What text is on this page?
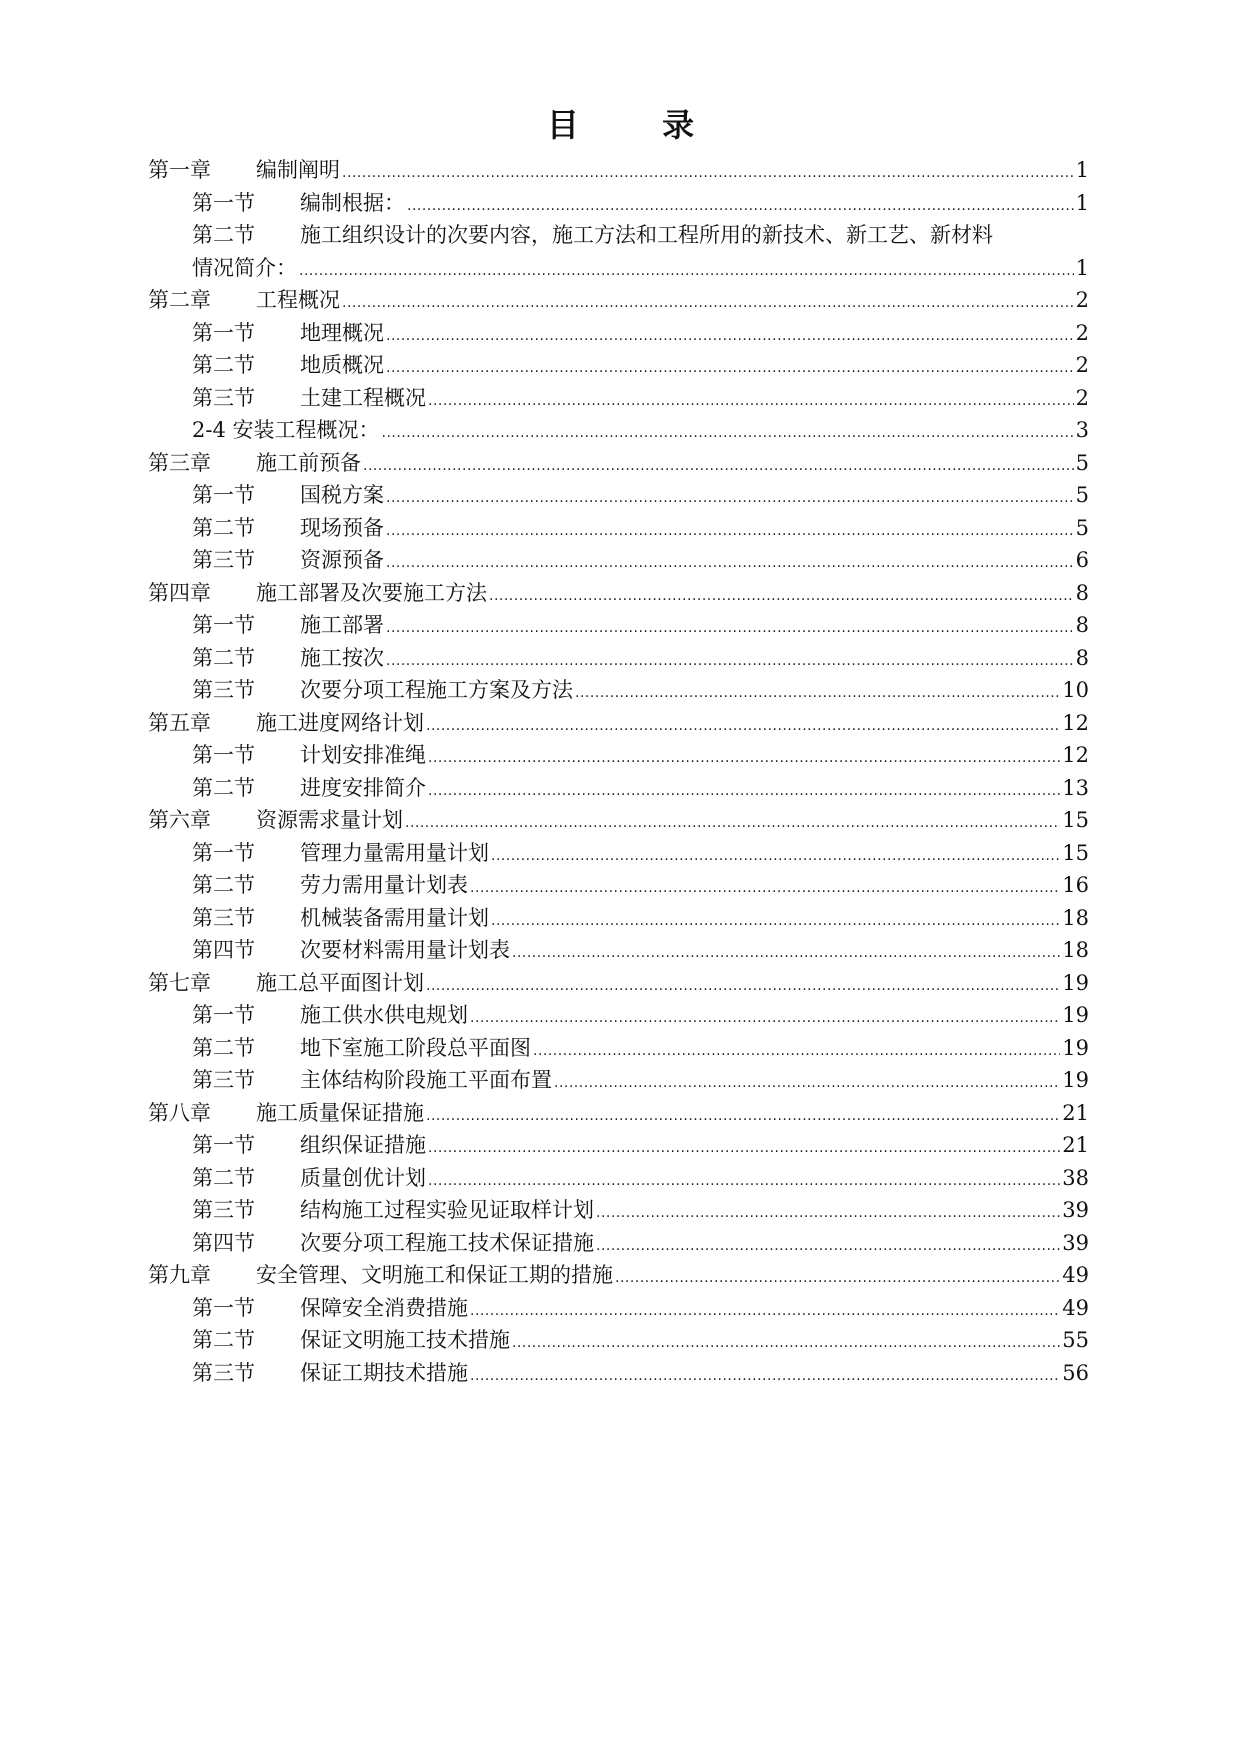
目 录
第一章	编制阐明 .....	1
第一节	编制根据： .....	1
第二节	施工组织设计的次要内容，施工方法和工程所用的新技术、新工艺、新材料
情况简介： .....	1
第二章	工程概况 .....	2
第一节	地理概况 .....	2
第二节	地质概况 .....	2
第三节	土建工程概况 .....	2
2-4 安装工程概况： .....	3
第三章	施工前预备 .....	5
第一节	国税方案 .....	5
第二节	现场预备 .....	5
第三节	资源预备 .....	6
第四章	施工部署及次要施工方法 .....	8
第一节	施工部署 .....	8
第二节	施工按次 .....	8
第三节	次要分项工程施工方案及方法 .....	10
第五章	施工进度网络计划 .....	12
第一节	计划安排准绳 .....	12
第二节	进度安排简介 .....	13
第六章	资源需求量计划 .....	15
第一节	管理力量需用量计划 .....	15
第二节	劳力需用量计划表 .....	16
第三节	机械装备需用量计划 .....	18
第四节	次要材料需用量计划表 .....	18
第七章	施工总平面图计划 .....	19
第一节	施工供水供电规划 .....	19
第二节	地下室施工阶段总平面图 .....	19
第三节	主体结构阶段施工平面布置 .....	19
第八章	施工质量保证措施 .....	21
第一节	组织保证措施 .....	21
第二节	质量创优计划 .....	38
第三节	结构施工过程实验见证取样计划 .....	39
第四节	次要分项工程施工技术保证措施 .....	39
第九章	安全管理、文明施工和保证工期的措施 .....	49
第一节	保障安全消费措施 .....	49
第二节	保证文明施工技术措施 .....	55
第三节	保证工期技术措施 .....	56
